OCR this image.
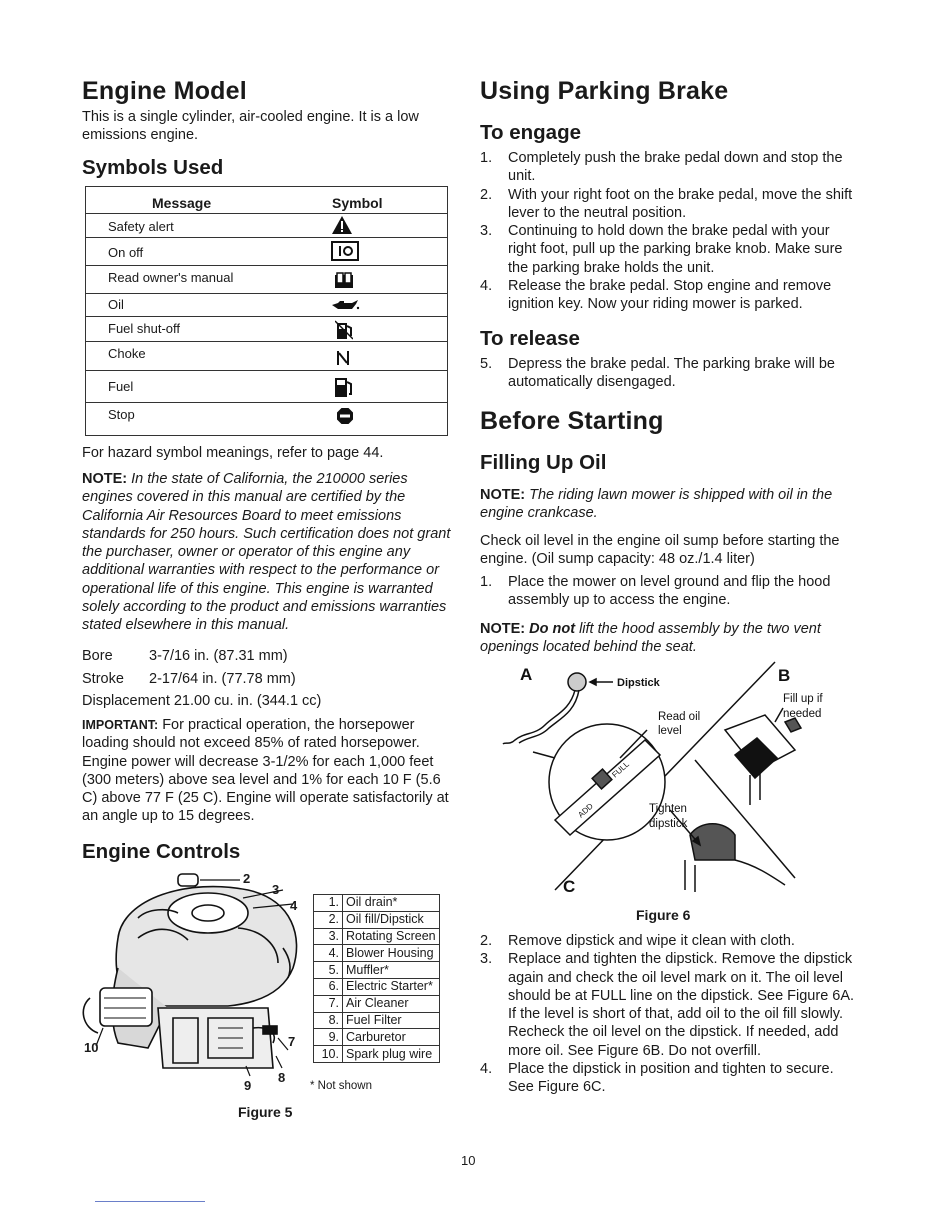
Engine Model

This is a single cylinder, air-cooled engine. It is a low emissions engine.

Symbols Used
Message	Symbol
Safety alert
On off
Read owner's manual
Oil
Fuel shut-off
Choke
Fuel
Stop

For hazard symbol meanings, refer to page 44.

NOTE: In the state of California, the 210000 series engines covered in this manual are certified by the California Air Resources Board to meet emissions standards for 250 hours. Such certification does not grant the purchaser, owner or operator of this engine any additional warranties with respect to the performance or operational life of this engine. This engine is warranted solely according to the product and emissions warranties stated elsewhere in this manual.

Bore	3-7/16 in. (87.31 mm)
Stroke 2-17/64 in. (77.78 mm)
Displacement 21.00 cu. in. (344.1 cc)

IMPORTANT: For practical operation, the horsepower loading should not exceed 85% of rated horsepower. Engine power will decrease 3-1/2% for each 1,000 feet (300 meters) above sea level and 1% for each 10 F (5.6 C) above 77 F (25 C). Engine will operate satisfactorily at an angle up to 15 degrees.

Engine Controls
2
3
4
10	7
9
8
1.	Oil drain*
2.	Oil fill/Dipstick
3.	Rotating Screen
4.	Blower Housing
5.	Muffler*
6.	Electric Starter*
7.	Air Cleaner
8.	Fuel Filter
9.	Carburetor
10.	Spark plug wire
* Not shown
Figure 5
Using Parking Brake
To engage
1. Completely push the brake pedal down and stop the unit.
2. With your right foot on the brake pedal, move the shift lever to the neutral position.
3. Continuing to hold down the brake pedal with your right foot, pull up the parking brake knob. Make sure the parking brake holds the unit.
4. Release the brake pedal. Stop engine and remove ignition key. Now your riding mower is parked.
To release
5. Depress the brake pedal. The parking brake will be automatically disengaged.
Before Starting
Filling Up Oil

NOTE: The riding lawn mower is shipped with oil in the engine crankcase.

Check oil level in the engine oil sump before starting the engine. (Oil sump capacity: 48 oz./1.4 liter)

1. Place the mower on level ground and flip the hood assembly up to access the engine.

NOTE: Do not lift the hood assembly by the two vent openings located behind the seat.

A	B
C
Dipstick
Read oil
level
Fill up if
needed
Tighten
dipstick
ADD
FULL
Figure 6
2. Remove dipstick and wipe it clean with cloth.
3. Replace and tighten the dipstick. Remove the dipstick again and check the oil level mark on it. The oil level should be at FULL line on the dipstick. See Figure 6A. If the level is short of that, add oil to the oil fill slowly. Recheck the oil level on the dipstick. If needed, add more oil. See Figure 6B. Do not overfill.
4. Place the dipstick in position and tighten to secure. See Figure 6C.
10
